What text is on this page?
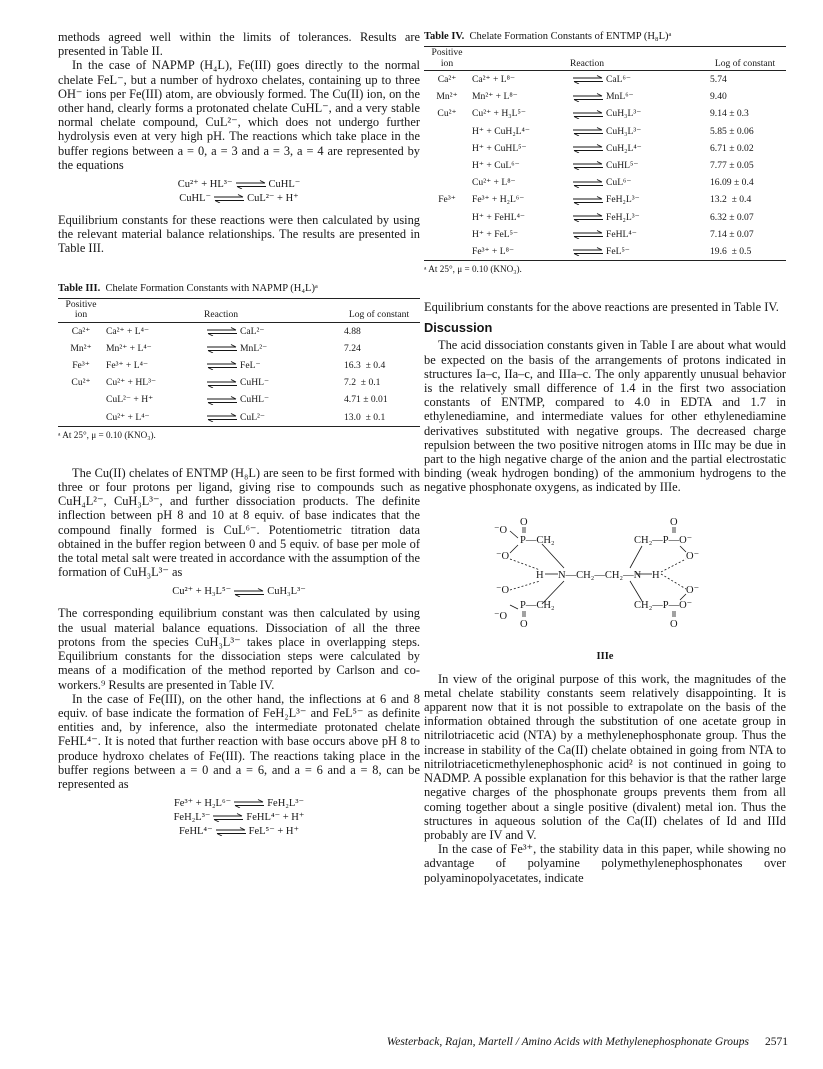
methods agreed well within the limits of tolerances. Results are presented in Table II.

In the case of NAPMP (H₄L), Fe(III) goes directly to the normal chelate FeL⁻, but a number of hydroxo chelates, containing up to three OH⁻ ions per Fe(III) atom, are obviously formed. The Cu(II) ion, on the other hand, clearly forms a protonated chelate CuHL⁻, and a very stable normal chelate compound, CuL²⁻, which does not undergo further hydrolysis even at very high pH. The reactions which take place in the buffer regions between a = 0, a = 3 and a = 3, a = 4 are represented by the equations

Cu²⁺ + HL³⁻ ⇌ CuHL⁻
CuHL⁻ ⇌ CuL²⁻ + H⁺

Equilibrium constants for these reactions were then calculated by using the relevant material balance relationships. The results are presented in Table III.

Table III. Chelate Formation Constants with NAPMP (H₄L)ᵃ
Positive ion	Reaction	Log of constant
Ca²⁺	Ca²⁺ + L⁴⁻ ⇌ CaL²⁻	4.88
Mn²⁺	Mn²⁺ + L⁴⁻ ⇌ MnL²⁻	7.24
Fe³⁺	Fe³⁺ + L⁴⁻ ⇌ FeL⁻	16.3  ± 0.4
Cu²⁺	Cu²⁺ + HL³⁻ ⇌ CuHL⁻	7.2  ± 0.1
	CuL²⁻ + H⁺ ⇌ CuHL⁻	4.71 ± 0.01
	Cu²⁺ + L⁴⁻ ⇌ CuL²⁻	13.0  ± 0.1
ᵃ At 25°, μ = 0.10 (KNO₃).

The Cu(II) chelates of ENTMP (H₈L) are seen to be first formed with three or four protons per ligand, giving rise to compounds such as CuH₄L²⁻, CuH₃L³⁻, and further dissociation products. The definite inflection between pH 8 and 10 at 8 equiv. of base indicates that the compound finally formed is CuL⁶⁻. Potentiometric titration data obtained in the buffer region between 0 and 5 equiv. of base per mole of the total metal salt were treated in accordance with the assumption of the formation of CuH₃L³⁻ as

Cu²⁺ + H₃L⁵⁻ ⇌ CuH₃L³⁻

The corresponding equilibrium constant was then calculated by using the usual material balance equations. Dissociation of all the three protons from the species CuH₃L³⁻ takes place in overlapping steps. Equilibrium constants for the dissociation steps were calculated by means of a modification of the method reported by Carlson and co-workers.⁹ Results are presented in Table IV.

In the case of Fe(III), on the other hand, the inflections at 6 and 8 equiv. of base indicate the formation of FeH₂L³⁻ and FeL⁵⁻ as definite entities and, by inference, also the intermediate protonated chelate FeHL⁴⁻. It is noted that further reaction with base occurs above pH 8 to produce hydroxo chelates of Fe(III). The reactions taking place in the buffer regions between a = 0 and a = 6, and a = 6 and a = 8, can be represented as

Fe³⁺ + H₂L⁶⁻ ⇌ FeH₂L³⁻
FeH₂L³⁻ ⇌ FeHL⁴⁻ + H⁺
FeHL⁴⁻ ⇌ FeL⁵⁻ + H⁺
Table IV. Chelate Formation Constants of ENTMP (H₈L)ᵃ
Positive ion	Reaction	Log of constant
Ca²⁺	Ca²⁺ + L⁸⁻ ⇌ CaL⁶⁻	5.74
Mn²⁺	Mn²⁺ + L⁸⁻ ⇌ MnL⁶⁻	9.40
Cu²⁺	Cu²⁺ + H₃L⁵⁻ ⇌ CuH₃L³⁻	9.14 ± 0.3
	H⁺ + CuH₂L⁴⁻ ⇌ CuH₃L³⁻	5.85 ± 0.06
	H⁺ + CuHL⁵⁻ ⇌ CuH₂L⁴⁻	6.71 ± 0.02
	H⁺ + CuL⁶⁻ ⇌ CuHL⁵⁻	7.77 ± 0.05
	Cu²⁺ + L⁸⁻ ⇌ CuL⁶⁻	16.09 ± 0.4
Fe³⁺	Fe³⁺ + H₂L⁶⁻ ⇌ FeH₂L³⁻	13.2  ± 0.4
	H⁺ + FeHL⁴⁻ ⇌ FeH₂L³⁻	6.32 ± 0.07
	H⁺ + FeL⁵⁻ ⇌ FeHL⁴⁻	7.14 ± 0.07
	Fe³⁺ + L⁸⁻ ⇌ FeL⁵⁻	19.6  ± 0.5
ᵃ At 25°, μ = 0.10 (KNO₃).

Equilibrium constants for the above reactions are presented in Table IV.

Discussion

The acid dissociation constants given in Table I are about what would be expected on the basis of the arrangements of protons indicated in structures Ia–c, IIa–c, and IIIa–c. The only apparently unusual behavior is the relatively small difference of 1.4 in the first two association constants of ENTMP, compared to 4.0 in EDTA and 1.7 in ethylenediamine, and intermediate values for other ethylenediamine derivatives substituted with negative groups. The decreased charge repulsion between the two positive nitrogen atoms in IIIc may be due in part to the high negative charge of the anion and the partial electrostatic binding (weak hydrogen bonding) of the ammonium hydrogens to the negative phosphonate oxygens, as indicated by IIIe.

O
⁻O
P—CH₂
⁻O
⁻O
P—CH₂
⁻O
O
H N—CH₂—CH₂—N H
O
CH₂—P—O⁻
O⁻
O⁻
CH₂—P—O⁻
O
IIIe

In view of the original purpose of this work, the magnitudes of the metal chelate stability constants seem relatively disappointing. It is apparent now that it is not possible to extrapolate on the basis of the information obtained through the substitution of one acetate group in nitrilotriacetic acid (NTA) by a methylenephosphonate group. Thus the increase in stability of the Ca(II) chelate obtained in going from NTA to nitrilotriaceticmethylenephosphonic acid² is not continued in going to NADMP. A possible explanation for this behavior is that the rather large negative charges of the phosphonate groups prevents them from all coming together about a single positive (divalent) metal ion. Thus the structures in aqueous solution of the Ca(II) chelates of Id and IIId probably are IV and V.

In the case of Fe³⁺, the stability data in this paper, while showing no advantage of polyamine polymethylenephosphonates over polyaminopolyacetates, indicate

Westerback, Rajan, Martell / Amino Acids with Methylenephosphonate Groups 2571
